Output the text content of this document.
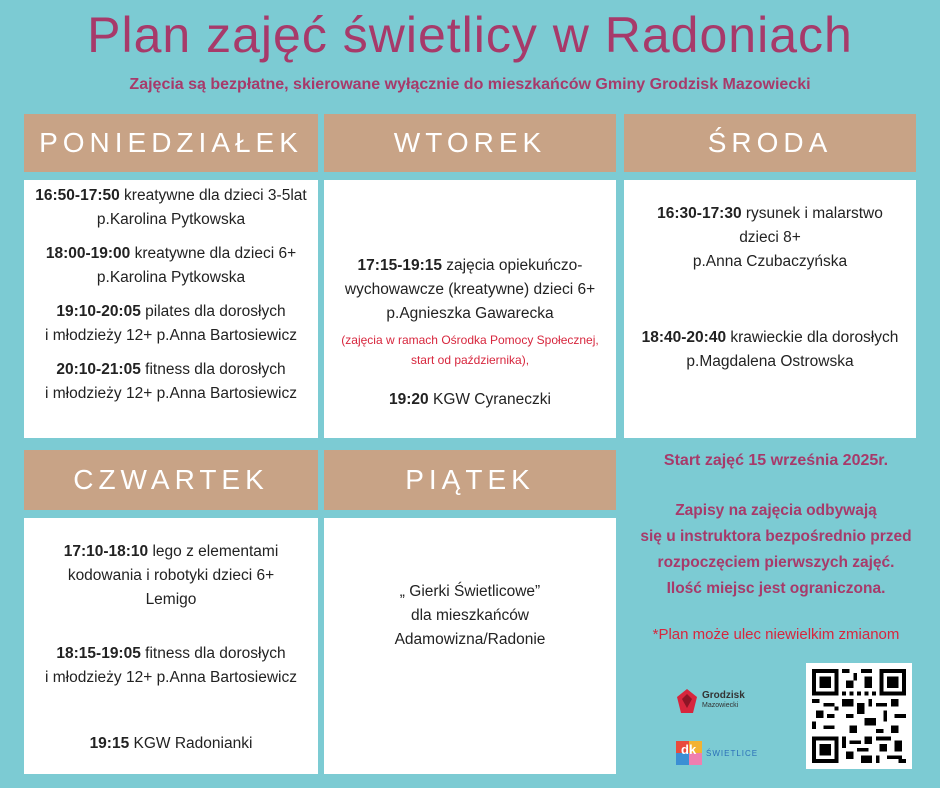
Plan zajęć świetlicy w Radoniach
Zajęcia są bezpłatne, skierowane wyłącznie do mieszkańców Gminy Grodzisk Mazowiecki
PONIEDZIAŁEK	WTOREK	ŚRODA
CZWARTEK	PIĄTEK
16:50-17:50 kreatywne dla dzieci 3-5lat
p.Karolina Pytkowska
18:00-19:00 kreatywne dla dzieci 6+
p.Karolina Pytkowska
19:10-20:05 pilates dla dorosłych
i młodzieży 12+ p.Anna Bartosiewicz
20:10-21:05 fitness dla dorosłych
i młodzieży 12+ p.Anna Bartosiewicz
17:15-19:15 zajęcia opiekuńczo-
wychowawcze (kreatywne) dzieci 6+
p.Agnieszka Gawarecka
(zajęcia w ramach Ośrodka Pomocy Społecznej,
start od października),
19:20 KGW Cyraneczki
16:30-17:30 rysunek i malarstwo
dzieci 8+
p.Anna Czubaczyńska
18:40-20:40 krawieckie dla dorosłych
p.Magdalena Ostrowska
17:10-18:10 lego z elementami
kodowania i robotyki dzieci 6+
Lemigo
18:15-19:05 fitness dla dorosłych
i młodzieży 12+ p.Anna Bartosiewicz
19:15 KGW Radonianki
„ Gierki Świetlicowe”
dla mieszkańców
Adamowizna/Radonie
Start zajęć 15 września 2025r.
Zapisy na zajęcia odbywają
się u instruktora bezpośrednio przed
rozpoczęciem pierwszych zajęć.
Ilość miejsc jest ograniczona.
*Plan może ulec niewielkim zmianom
Grodzisk
Mazowiecki
dk ŚWIETLICE
